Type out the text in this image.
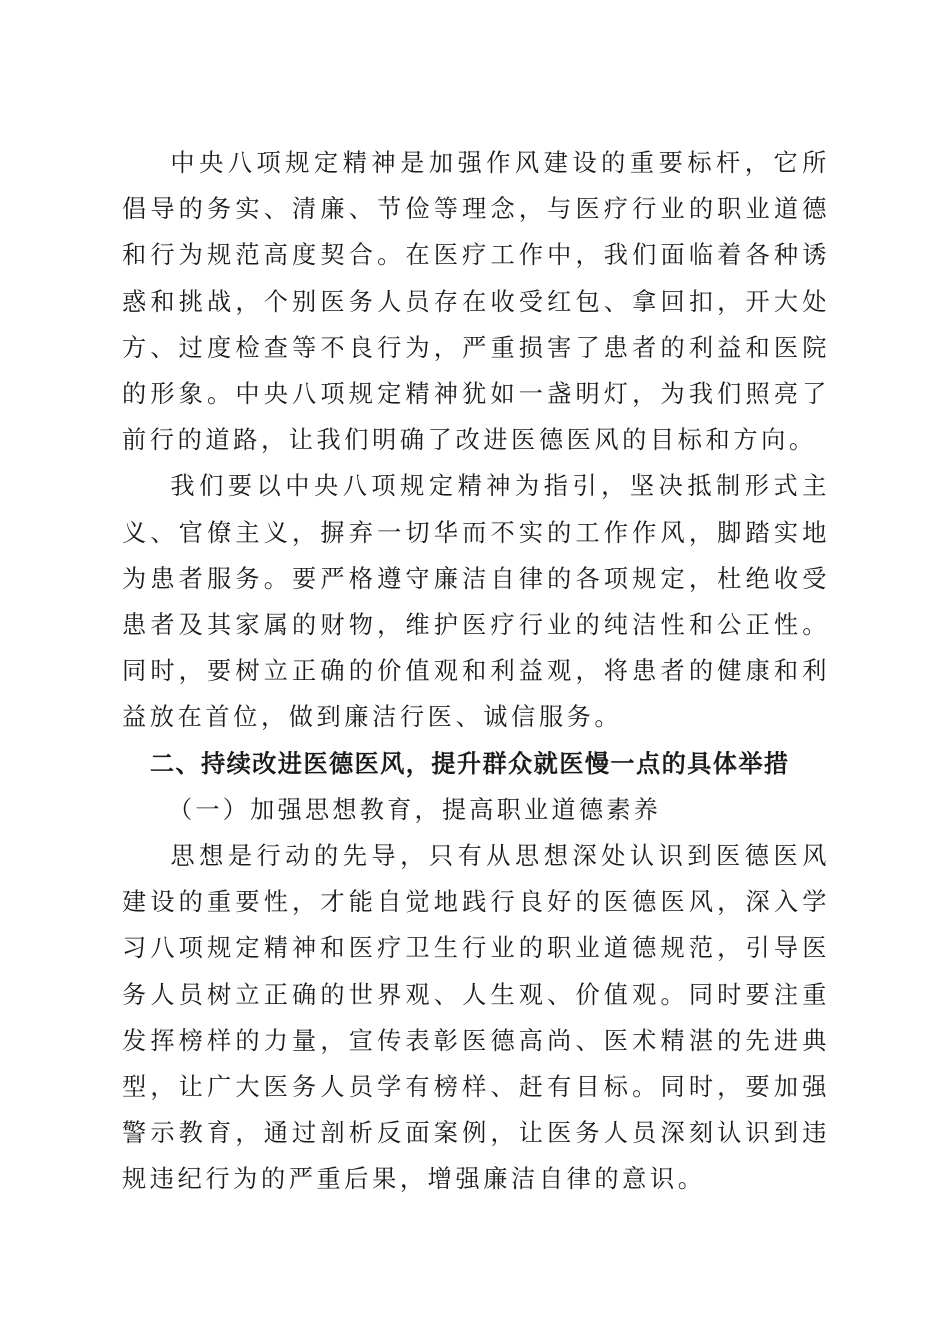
中央八项规定精神是加强作风建设的重要标杆，它所倡导的务实、清廉、节俭等理念，与医疗行业的职业道德和行为规范高度契合。在医疗工作中，我们面临着各种诱惑和挑战，个别医务人员存在收受红包、拿回扣，开大处方、过度检查等不良行为，严重损害了患者的利益和医院的形象。中央八项规定精神犹如一盏明灯，为我们照亮了前行的道路，让我们明确了改进医德医风的目标和方向。

我们要以中央八项规定精神为指引，坚决抵制形式主义、官僚主义，摒弃一切华而不实的工作作风，脚踏实地为患者服务。要严格遵守廉洁自律的各项规定，杜绝收受患者及其家属的财物，维护医疗行业的纯洁性和公正性。同时，要树立正确的价值观和利益观，将患者的健康和利益放在首位，做到廉洁行医、诚信服务。

二、持续改进医德医风，提升群众就医慢一点的具体举措

（一）加强思想教育，提高职业道德素养

思想是行动的先导，只有从思想深处认识到医德医风建设的重要性，才能自觉地践行良好的医德医风，深入学习八项规定精神和医疗卫生行业的职业道德规范，引导医务人员树立正确的世界观、人生观、价值观。同时要注重发挥榜样的力量，宣传表彰医德高尚、医术精湛的先进典型，让广大医务人员学有榜样、赶有目标。同时，要加强警示教育，通过剖析反面案例，让医务人员深刻认识到违规违纪行为的严重后果，增强廉洁自律的意识。
